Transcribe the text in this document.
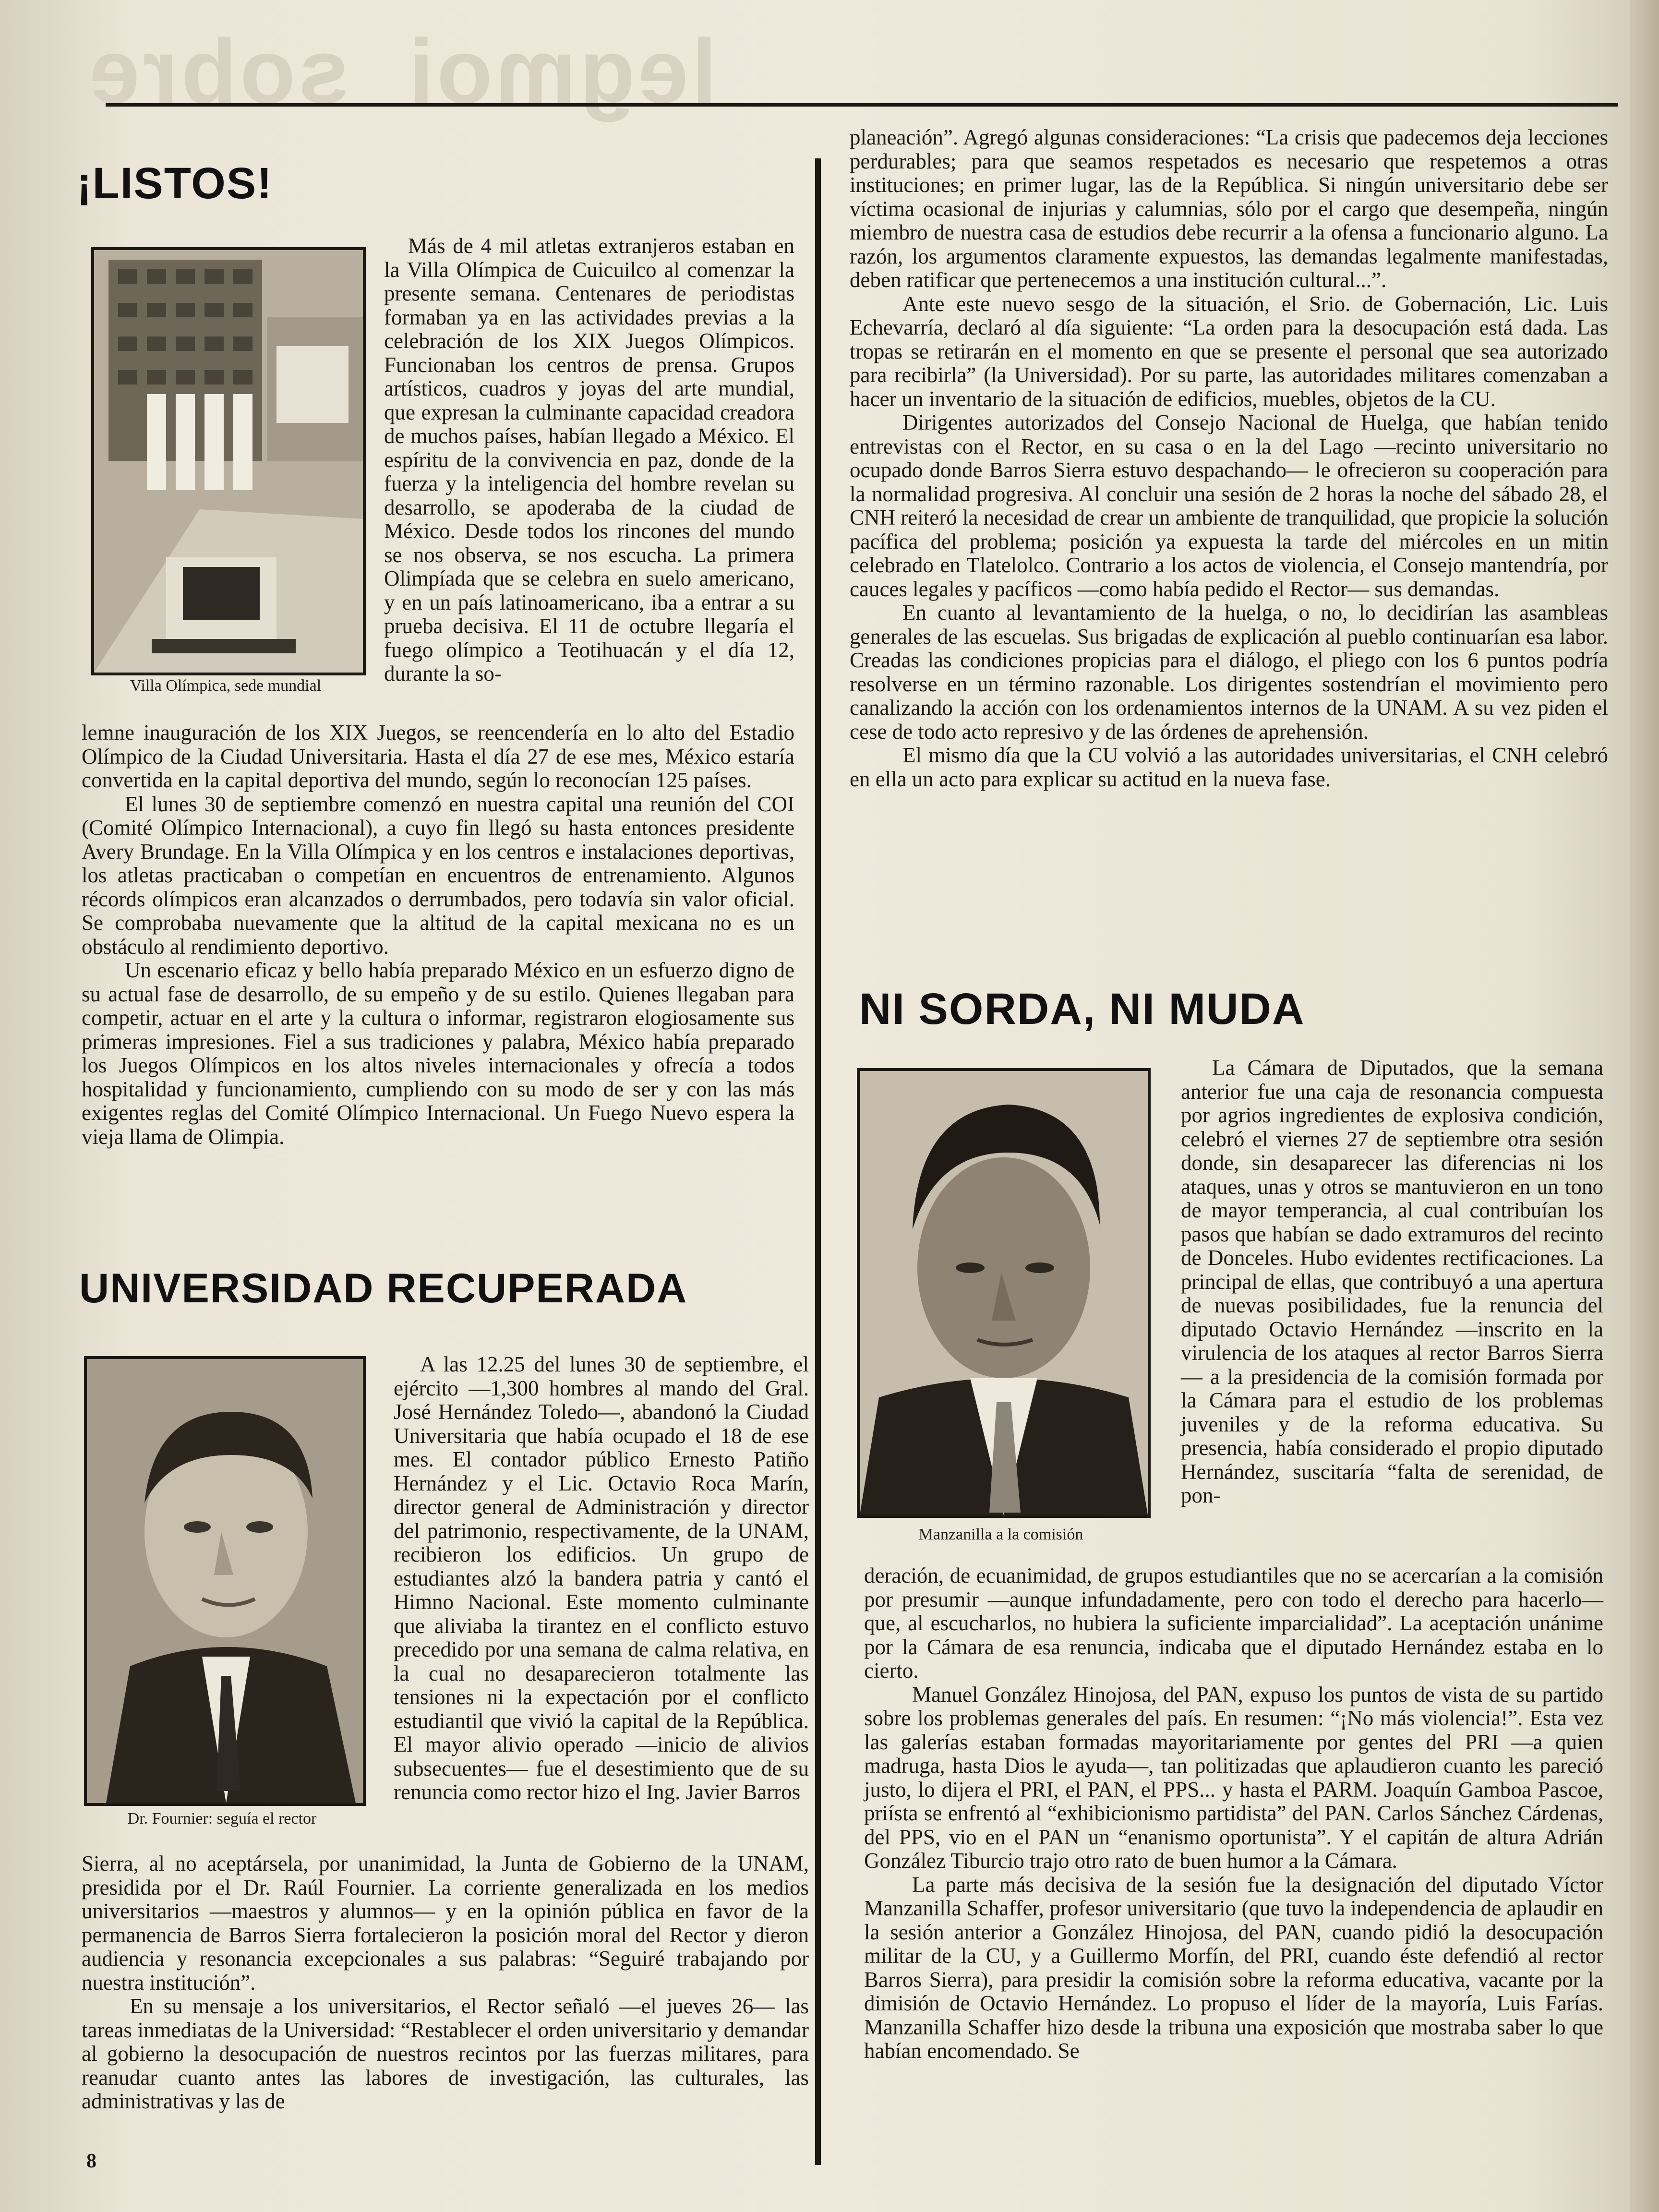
legmoi  sobre
¡LISTOS!
Villa Olímpica, sede mundial
Más de 4 mil atletas extranjeros estaban en la Villa Olímpica de Cuicuilco al comenzar la presente semana. Centenares de periodistas formaban ya en las actividades previas a la celebración de los XIX Juegos Olímpicos. Funcionaban los centros de prensa. Grupos artísticos, cuadros y joyas del arte mundial, que expresan la culminante capacidad creadora de muchos países, habían llegado a México. El espíritu de la convivencia en paz, donde de la fuerza y la inteligencia del hombre revelan su desarrollo, se apoderaba de la ciudad de México. Desde todos los rincones del mundo se nos observa, se nos escucha. La primera Olimpíada que se celebra en suelo americano, y en un país latinoamericano, iba a entrar a su prueba decisiva. El 11 de octubre llegaría el fuego olímpico a Teotihuacán y el día 12, durante la so-

lemne inauguración de los XIX Juegos, se reencendería en lo alto del Estadio Olímpico de la Ciudad Universitaria. Hasta el día 27 de ese mes, México estaría convertida en la capital deportiva del mundo, según lo reconocían 125 países.

El lunes 30 de septiembre comenzó en nuestra capital una reunión del COI (Comité Olímpico Internacional), a cuyo fin llegó su hasta entonces presidente Avery Brundage. En la Villa Olímpica y en los centros e instalaciones deportivas, los atletas practicaban o competían en encuentros de entrenamiento. Algunos récords olímpicos eran alcanzados o derrumbados, pero todavía sin valor oficial. Se comprobaba nuevamente que la altitud de la capital mexicana no es un obstáculo al rendimiento deportivo.

Un escenario eficaz y bello había preparado México en un esfuerzo digno de su actual fase de desarrollo, de su empeño y de su estilo. Quienes llegaban para competir, actuar en el arte y la cultura o informar, registraron elogiosamente sus primeras impresiones. Fiel a sus tradiciones y palabra, México había preparado los Juegos Olímpicos en los altos niveles internacionales y ofrecía a todos hospitalidad y funcionamiento, cumpliendo con su modo de ser y con las más exigentes reglas del Comité Olímpico Internacional. Un Fuego Nuevo espera la vieja llama de Olimpia.

UNIVERSIDAD RECUPERADA
Dr. Fournier: seguía el rector
A las 12.25 del lunes 30 de septiembre, el ejército —1,300 hombres al mando del Gral. José Hernández Toledo—, abandonó la Ciudad Universitaria que había ocupado el 18 de ese mes. El contador público Ernesto Patiño Hernández y el Lic. Octavio Roca Marín, director general de Administración y director del patrimonio, respectivamente, de la UNAM, recibieron los edificios. Un grupo de estudiantes alzó la bandera patria y cantó el Himno Nacional. Este momento culminante que aliviaba la tirantez en el conflicto estuvo precedido por una semana de calma relativa, en la cual no desaparecieron totalmente las tensiones ni la expectación por el conflicto estudiantil que vivió la capital de la República. El mayor alivio operado —inicio de alivios subsecuentes— fue el desestimiento que de su renuncia como rector hizo el Ing. Javier Barros

Sierra, al no aceptársela, por unanimidad, la Junta de Gobierno de la UNAM, presidida por el Dr. Raúl Fournier. La corriente generalizada en los medios universitarios —maestros y alumnos— y en la opinión pública en favor de la permanencia de Barros Sierra fortalecieron la posición moral del Rector y dieron audiencia y resonancia excepcionales a sus palabras: “Seguiré trabajando por nuestra institución”.

En su mensaje a los universitarios, el Rector señaló —el jueves 26— las tareas inmediatas de la Universidad: “Restablecer el orden universitario y demandar al gobierno la desocupación de nuestros recintos por las fuerzas militares, para reanudar cuanto antes las labores de investigación, las culturales, las administrativas y las de

planeación”. Agregó algunas consideraciones: “La crisis que padecemos deja lecciones perdurables; para que seamos respetados es necesario que respetemos a otras instituciones; en primer lugar, las de la República. Si ningún universitario debe ser víctima ocasional de injurias y calumnias, sólo por el cargo que desempeña, ningún miembro de nuestra casa de estudios debe recurrir a la ofensa a funcionario alguno. La razón, los argumentos claramente expuestos, las demandas legalmente manifestadas, deben ratificar que pertenecemos a una institución cultural...”.

Ante este nuevo sesgo de la situación, el Srio. de Gobernación, Lic. Luis Echevarría, declaró al día siguiente: “La orden para la desocupación está dada. Las tropas se retirarán en el momento en que se presente el personal que sea autorizado para recibirla” (la Universidad). Por su parte, las autoridades militares comenzaban a hacer un inventario de la situación de edificios, muebles, objetos de la CU.

Dirigentes autorizados del Consejo Nacional de Huelga, que habían tenido entrevistas con el Rector, en su casa o en la del Lago —recinto universitario no ocupado donde Barros Sierra estuvo despachando— le ofrecieron su cooperación para la normalidad progresiva. Al concluir una sesión de 2 horas la noche del sábado 28, el CNH reiteró la necesidad de crear un ambiente de tranquilidad, que propicie la solución pacífica del problema; posición ya expuesta la tarde del miércoles en un mitin celebrado en Tlatelolco. Contrario a los actos de violencia, el Consejo mantendría, por cauces legales y pacíficos —como había pedido el Rector— sus demandas.

En cuanto al levantamiento de la huelga, o no, lo decidirían las asambleas generales de las escuelas. Sus brigadas de explicación al pueblo continuarían esa labor. Creadas las condiciones propicias para el diálogo, el pliego con los 6 puntos podría resolverse en un término razonable. Los dirigentes sostendrían el movimiento pero canalizando la acción con los ordenamientos internos de la UNAM. A su vez piden el cese de todo acto represivo y de las órdenes de aprehensión.

El mismo día que la CU volvió a las autoridades universitarias, el CNH celebró en ella un acto para explicar su actitud en la nueva fase.

NI SORDA, NI MUDA
Manzanilla a la comisión
La Cámara de Diputados, que la semana anterior fue una caja de resonancia compuesta por agrios ingredientes de explosiva condición, celebró el viernes 27 de septiembre otra sesión donde, sin desaparecer las diferencias ni los ataques, unas y otros se mantuvieron en un tono de mayor temperancia, al cual contribuían los pasos que habían se dado extramuros del recinto de Donceles. Hubo evidentes rectificaciones. La principal de ellas, que contribuyó a una apertura de nuevas posibilidades, fue la renuncia del diputado Octavio Hernández —inscrito en la virulencia de los ataques al rector Barros Sierra— a la presidencia de la comisión formada por la Cámara para el estudio de los problemas juveniles y de la reforma educativa. Su presencia, había considerado el propio diputado Hernández, suscitaría “falta de serenidad, de pon-

deración, de ecuanimidad, de grupos estudiantiles que no se acercarían a la comisión por presumir —aunque infundadamente, pero con todo el derecho para hacerlo— que, al escucharlos, no hubiera la suficiente imparcialidad”. La aceptación unánime por la Cámara de esa renuncia, indicaba que el diputado Hernández estaba en lo cierto.

Manuel González Hinojosa, del PAN, expuso los puntos de vista de su partido sobre los problemas generales del país. En resumen: “¡No más violencia!”. Esta vez las galerías estaban formadas mayoritariamente por gentes del PRI —a quien madruga, hasta Dios le ayuda—, tan politizadas que aplaudieron cuanto les pareció justo, lo dijera el PRI, el PAN, el PPS... y hasta el PARM. Joaquín Gamboa Pascoe, priísta se enfrentó al “exhibicionismo partidista” del PAN. Carlos Sánchez Cárdenas, del PPS, vio en el PAN un “enanismo oportunista”. Y el capitán de altura Adrián González Tiburcio trajo otro rato de buen humor a la Cámara.

La parte más decisiva de la sesión fue la designación del diputado Víctor Manzanilla Schaffer, profesor universitario (que tuvo la independencia de aplaudir en la sesión anterior a González Hinojosa, del PAN, cuando pidió la desocupación militar de la CU, y a Guillermo Morfín, del PRI, cuando éste defendió al rector Barros Sierra), para presidir la comisión sobre la reforma educativa, vacante por la dimisión de Octavio Hernández. Lo propuso el líder de la mayoría, Luis Farías. Manzanilla Schaffer hizo desde la tribuna una exposición que mostraba saber lo que habían encomendado. Se

8
